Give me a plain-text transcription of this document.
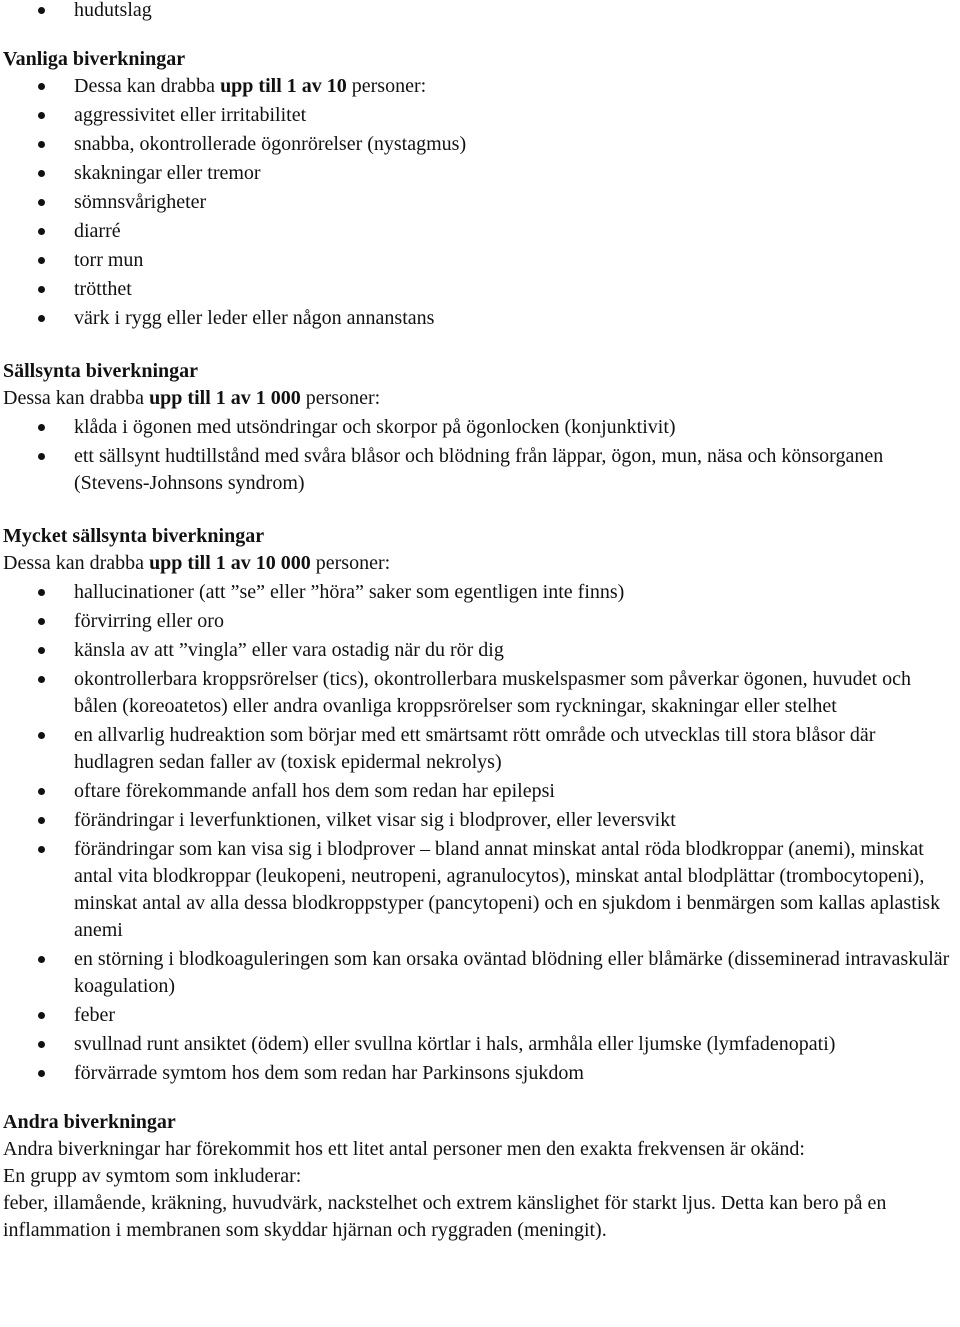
hudutslag
Vanliga biverkningar
Dessa kan drabba upp till 1 av 10 personer:
aggressivitet eller irritabilitet
snabba, okontrollerade ögonrörelser (nystagmus)
skakningar eller tremor
sömnsvårigheter
diarré
torr mun
trötthet
värk i rygg eller leder eller någon annanstans
Sällsynta biverkningar

Dessa kan drabba upp till 1 av 1 000 personer:

klåda i ögonen med utsöndringar och skorpor på ögonlocken (konjunktivit)
ett sällsynt hudtillstånd med svåra blåsor och blödning från läppar, ögon, mun, näsa och könsorganen (Stevens-Johnsons syndrom)
Mycket sällsynta biverkningar

Dessa kan drabba upp till 1 av 10 000 personer:

hallucinationer (att ”se” eller ”höra” saker som egentligen inte finns)
förvirring eller oro
känsla av att ”vingla” eller vara ostadig när du rör dig
okontrollerbara kroppsrörelser (tics), okontrollerbara muskelspasmer som påverkar ögonen, huvudet och bålen (koreoatetos) eller andra ovanliga kroppsrörelser som ryckningar, skakningar eller stelhet
en allvarlig hudreaktion som börjar med ett smärtsamt rött område och utvecklas till stora blåsor där hudlagren sedan faller av (toxisk epidermal nekrolys)
oftare förekommande anfall hos dem som redan har epilepsi
förändringar i leverfunktionen, vilket visar sig i blodprover, eller leversvikt
förändringar som kan visa sig i blodprover – bland annat minskat antal röda blodkroppar (anemi), minskat antal vita blodkroppar (leukopeni, neutropeni, agranulocytos), minskat antal blodplättar (trombocytopeni), minskat antal av alla dessa blodkroppstyper (pancytopeni) och en sjukdom i benmärgen som kallas aplastisk anemi
en störning i blodkoaguleringen som kan orsaka oväntad blödning eller blåmärke (disseminerad intravaskulär koagulation)
feber
svullnad runt ansiktet (ödem) eller svullna körtlar i hals, armhåla eller ljumske (lymfadenopati)
förvärrade symtom hos dem som redan har Parkinsons sjukdom
Andra biverkningar

Andra biverkningar har förekommit hos ett litet antal personer men den exakta frekvensen är okänd:

En grupp av symtom som inkluderar:

feber, illamående, kräkning, huvudvärk, nackstelhet och extrem känslighet för starkt ljus. Detta kan bero på en inflammation i membranen som skyddar hjärnan och ryggraden (meningit).
